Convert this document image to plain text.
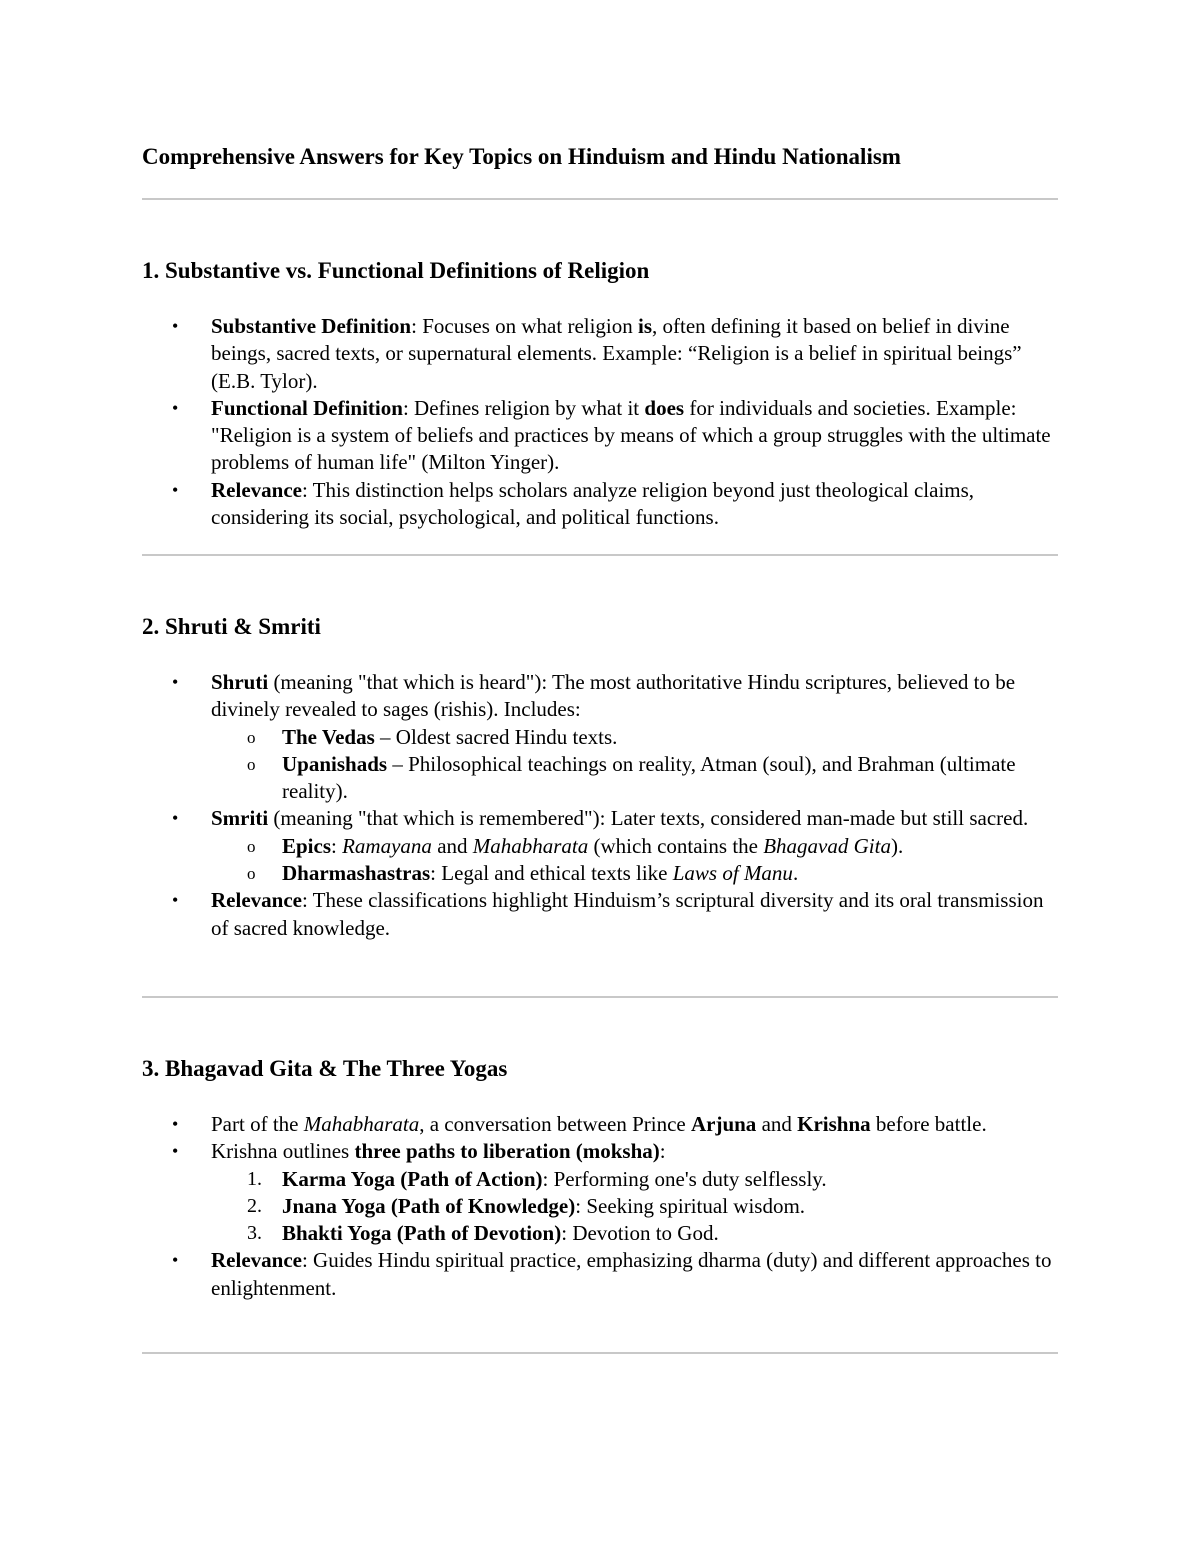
Comprehensive Answers for Key Topics on Hinduism and Hindu Nationalism
1. Substantive vs. Functional Definitions of Religion
•	Substantive Definition: Focuses on what religion is, often defining it based on belief in divine beings, sacred texts, or supernatural elements. Example: “Religion is a belief in spiritual beings” (E.B. Tylor).
•	Functional Definition: Defines religion by what it does for individuals and societies. Example: "Religion is a system of beliefs and practices by means of which a group struggles with the ultimate problems of human life" (Milton Yinger).
•	Relevance: This distinction helps scholars analyze religion beyond just theological claims, considering its social, psychological, and political functions.
2. Shruti & Smriti
•	Shruti (meaning "that which is heard"): The most authoritative Hindu scriptures, believed to be divinely revealed to sages (rishis). Includes:
o The Vedas – Oldest sacred Hindu texts.
o Upanishads – Philosophical teachings on reality, Atman (soul), and Brahman (ultimate reality).
•	Smriti (meaning "that which is remembered"): Later texts, considered man-made but still sacred.
o Epics: Ramayana and Mahabharata (which contains the Bhagavad Gita).
o Dharmashastras: Legal and ethical texts like Laws of Manu.
•	Relevance: These classifications highlight Hinduism’s scriptural diversity and its oral transmission of sacred knowledge.
3. Bhagavad Gita & The Three Yogas
•	Part of the Mahabharata, a conversation between Prince Arjuna and Krishna before battle.
•	Krishna outlines three paths to liberation (moksha):
1. Karma Yoga (Path of Action): Performing one's duty selflessly.
2. Jnana Yoga (Path of Knowledge): Seeking spiritual wisdom.
3. Bhakti Yoga (Path of Devotion): Devotion to God.
•	Relevance: Guides Hindu spiritual practice, emphasizing dharma (duty) and different approaches to enlightenment.
